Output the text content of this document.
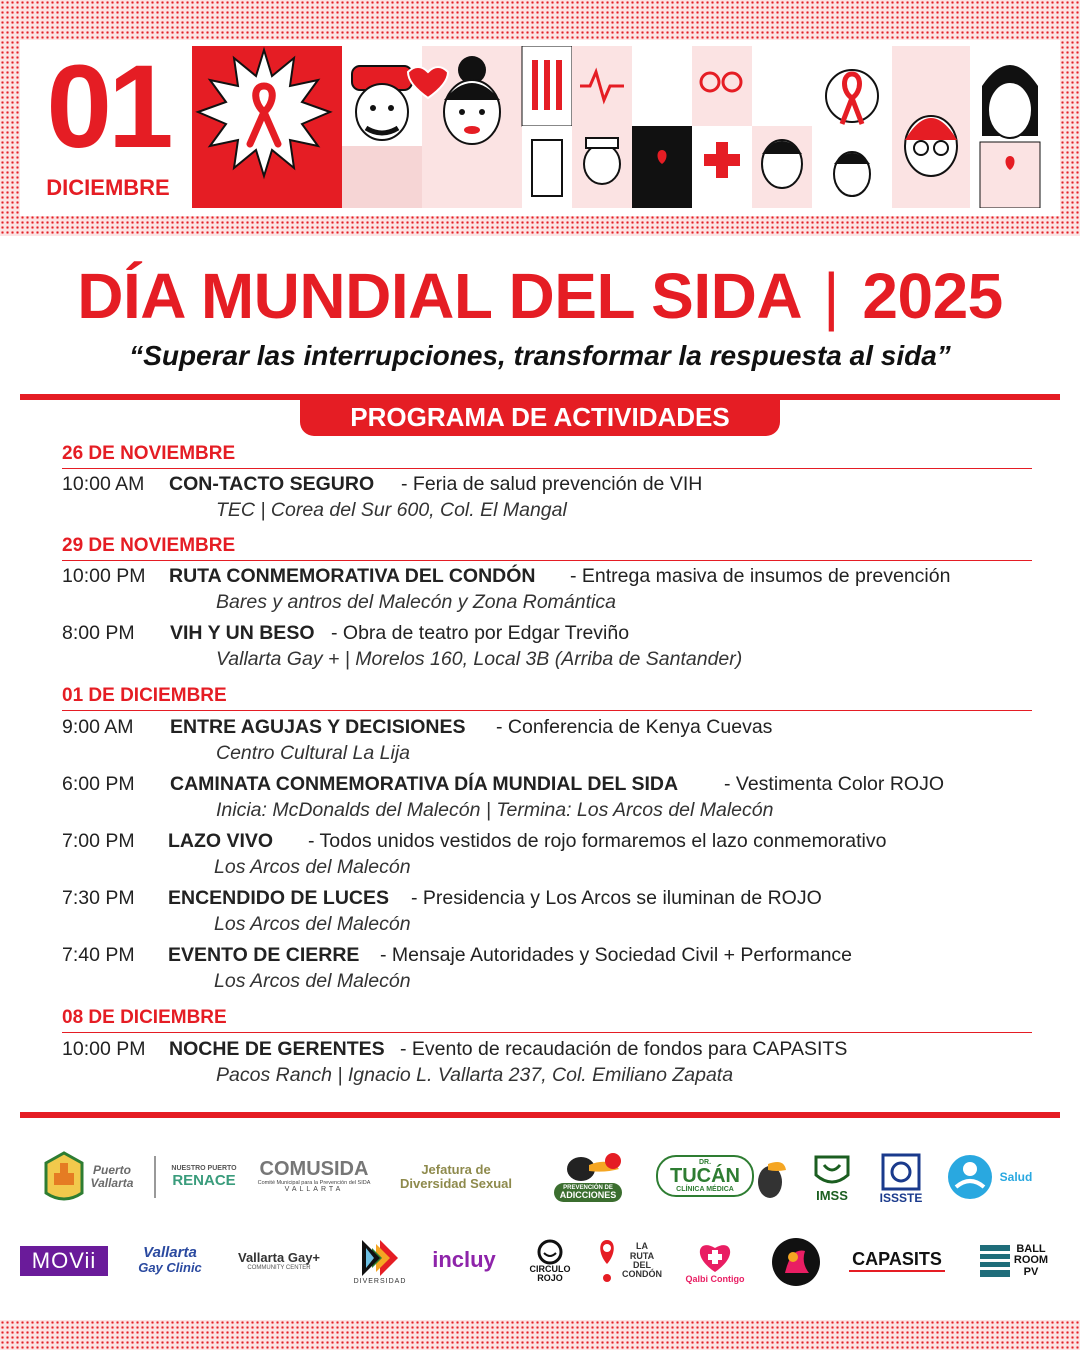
01
DICIEMBRE
DÍA MUNDIAL DEL SIDA | 2025
“Superar las interrupciones, transformar la respuesta al sida”
PROGRAMA DE ACTIVIDADES
26 DE NOVIEMBRE
10:00 AM CON-TACTO SEGURO - Feria de salud prevención de VIH
TEC | Corea del Sur 600, Col. El Mangal
29 DE NOVIEMBRE
10:00 PM RUTA CONMEMORATIVA DEL CONDÓN - Entrega masiva de insumos de prevención
Bares y antros del Malecón y Zona Romántica
8:00 PM VIH Y UN BESO - Obra de teatro por Edgar Treviño
Vallarta Gay + | Morelos 160, Local 3B (Arriba de Santander)
01 DE DICIEMBRE
9:00 AM ENTRE AGUJAS Y DECISIONES - Conferencia de Kenya Cuevas
Centro Cultural La Lija
6:00 PM CAMINATA CONMEMORATIVA DÍA MUNDIAL DEL SIDA - Vestimenta Color ROJO
Inicia: McDonalds del Malecón | Termina: Los Arcos del Malecón
7:00 PM LAZO VIVO - Todos unidos vestidos de rojo formaremos el lazo conmemorativo
Los Arcos del Malecón
7:30 PM ENCENDIDO DE LUCES - Presidencia y Los Arcos se iluminan de ROJO
Los Arcos del Malecón
7:40 PM EVENTO DE CIERRE - Mensaje Autoridades y Sociedad Civil + Performance
Los Arcos del Malecón
08 DE DICIEMBRE
10:00 PM NOCHE DE GERENTES - Evento de recaudación de fondos para CAPASITS
Pacos Ranch | Ignacio L. Vallarta 237, Col. Emiliano Zapata
Puerto Vallarta
NUESTRO PUERTO
RENACE
COMUSIDA
Comité Municipal para la Prevención del SIDA
VALLARTA
Jefatura de
Diversidad Sexual	PREVENCIÓN DE
ADICCIONES
DR.
TUCÁN
CLÍNICA MÉDICA	IMSS	ISSSTE
Salud
MOVii	Vallarta
Gay Clinic
Vallarta Gay+
COMMUNITY CENTER
DIVERSIDAD
incluy	CIRCULO
ROJO
LA
RUTA
DEL
CONDÓN	Qalbi Contigo
CAPASITS	BALL
ROOM
PV
